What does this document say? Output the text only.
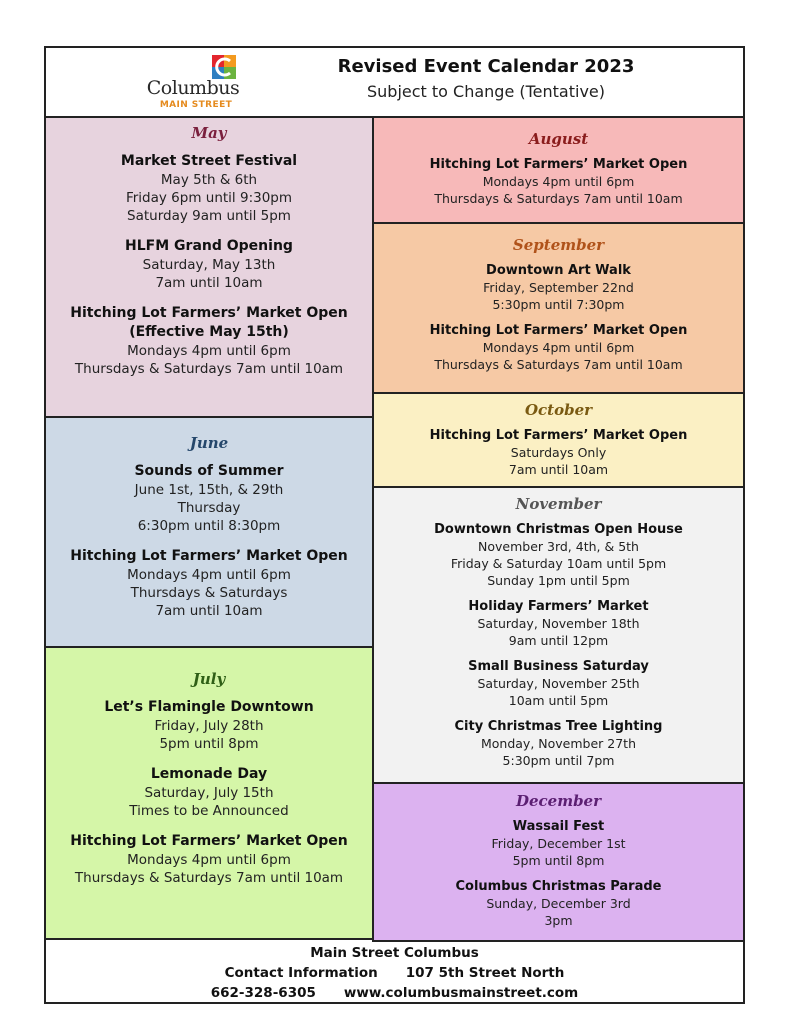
Columbus
MAIN STREET
Revised Event Calendar 2023
Subject to Change (Tentative)
May
Market Street Festival
May 5th & 6th
Friday 6pm until 9:30pm
Saturday 9am until 5pm
HLFM Grand Opening
Saturday, May 13th
7am until 10am
Hitching Lot Farmers’ Market Open
(Effective May 15th)
Mondays 4pm until 6pm
Thursdays & Saturdays 7am until 10am
June
Sounds of Summer
June 1st, 15th, & 29th
Thursday
6:30pm until 8:30pm
Hitching Lot Farmers’ Market Open
Mondays 4pm until 6pm
Thursdays & Saturdays
7am until 10am
July
Let’s Flamingle Downtown
Friday, July 28th
5pm until 8pm
Lemonade Day
Saturday, July 15th
Times to be Announced
Hitching Lot Farmers’ Market Open
Mondays 4pm until 6pm
Thursdays & Saturdays 7am until 10am
August
Hitching Lot Farmers’ Market Open
Mondays 4pm until 6pm
Thursdays & Saturdays 7am until 10am
September
Downtown Art Walk
Friday, September 22nd
5:30pm until 7:30pm
Hitching Lot Farmers’ Market Open
Mondays 4pm until 6pm
Thursdays & Saturdays 7am until 10am
October
Hitching Lot Farmers’ Market Open
Saturdays Only
7am until 10am
November
Downtown Christmas Open House
November 3rd, 4th, & 5th
Friday & Saturday 10am until 5pm
Sunday 1pm until 5pm
Holiday Farmers’ Market
Saturday, November 18th
9am until 12pm
Small Business Saturday
Saturday, November 25th
10am until 5pm
City Christmas Tree Lighting
Monday, November 27th
5:30pm until 7pm
December
Wassail Fest
Friday, December 1st
5pm until 8pm
Columbus Christmas Parade
Sunday, December 3rd
3pm
Main Street Columbus
Contact Information 107 5th Street North
662-328-6305 www.columbusmainstreet.com
